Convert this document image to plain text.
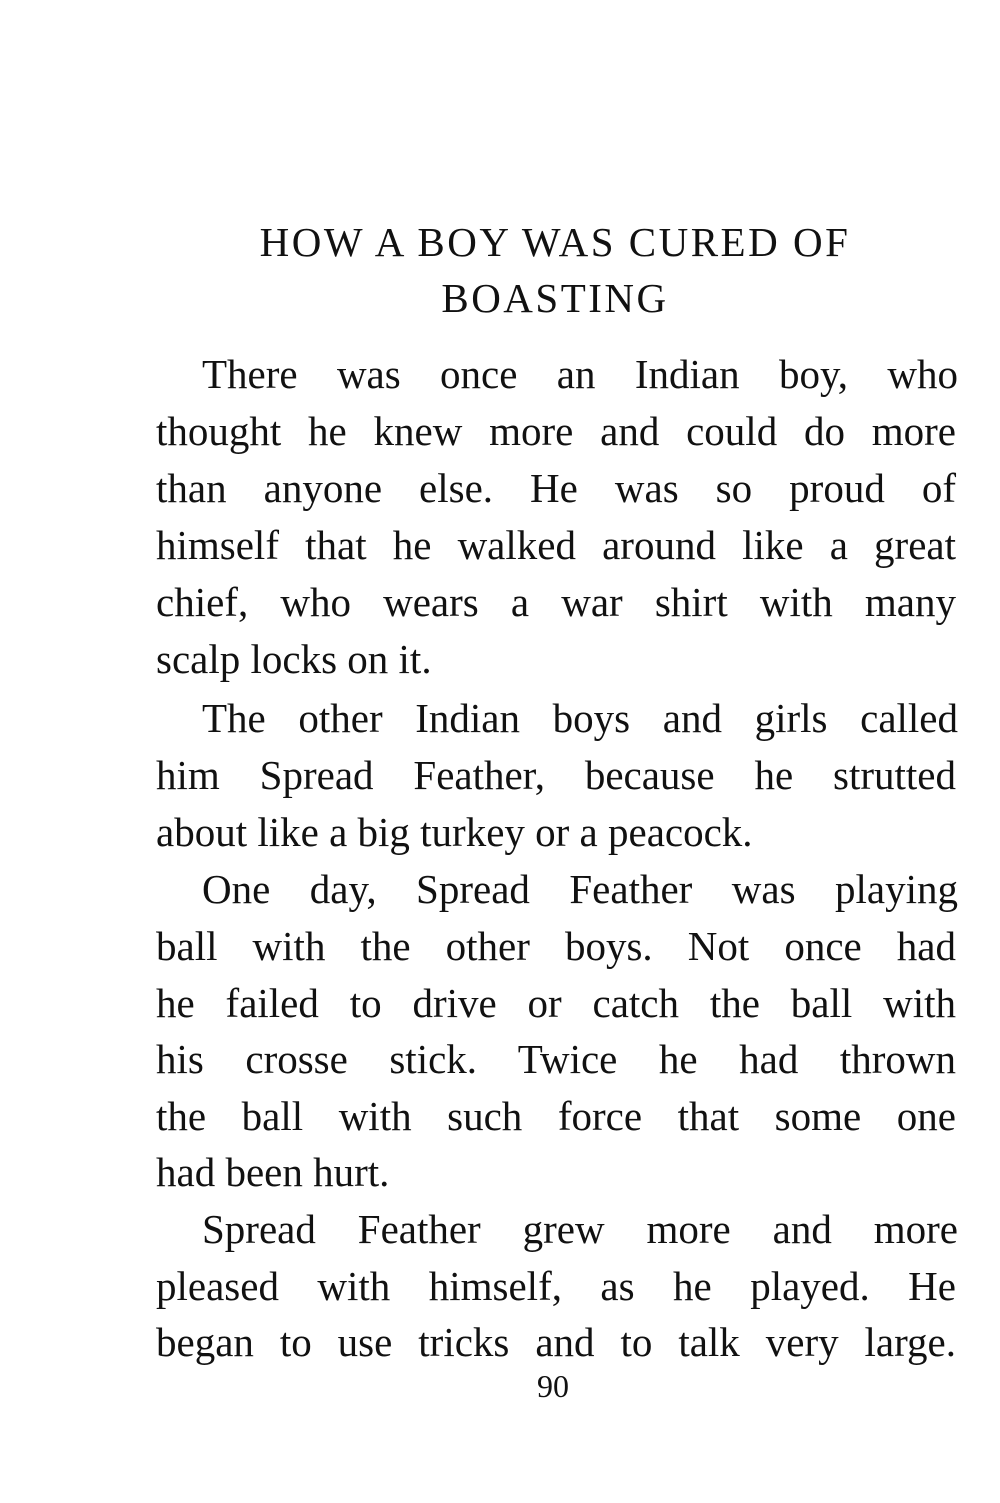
HOW A BOY WAS CURED OF
BOASTING
There was once an Indian boy, who
thought he knew more and could do more
than anyone else. He was so proud of
himself that he walked around like a great
chief, who wears a war shirt with many
scalp locks on it.
The other Indian boys and girls called
him Spread Feather, because he strutted
about like a big turkey or a peacock.
One day, Spread Feather was playing
ball with the other boys. Not once had
he failed to drive or catch the ball with
his crosse stick. Twice he had thrown
the ball with such force that some one
had been hurt.
Spread Feather grew more and more
pleased with himself, as he played. He
began to use tricks and to talk very large.
90
